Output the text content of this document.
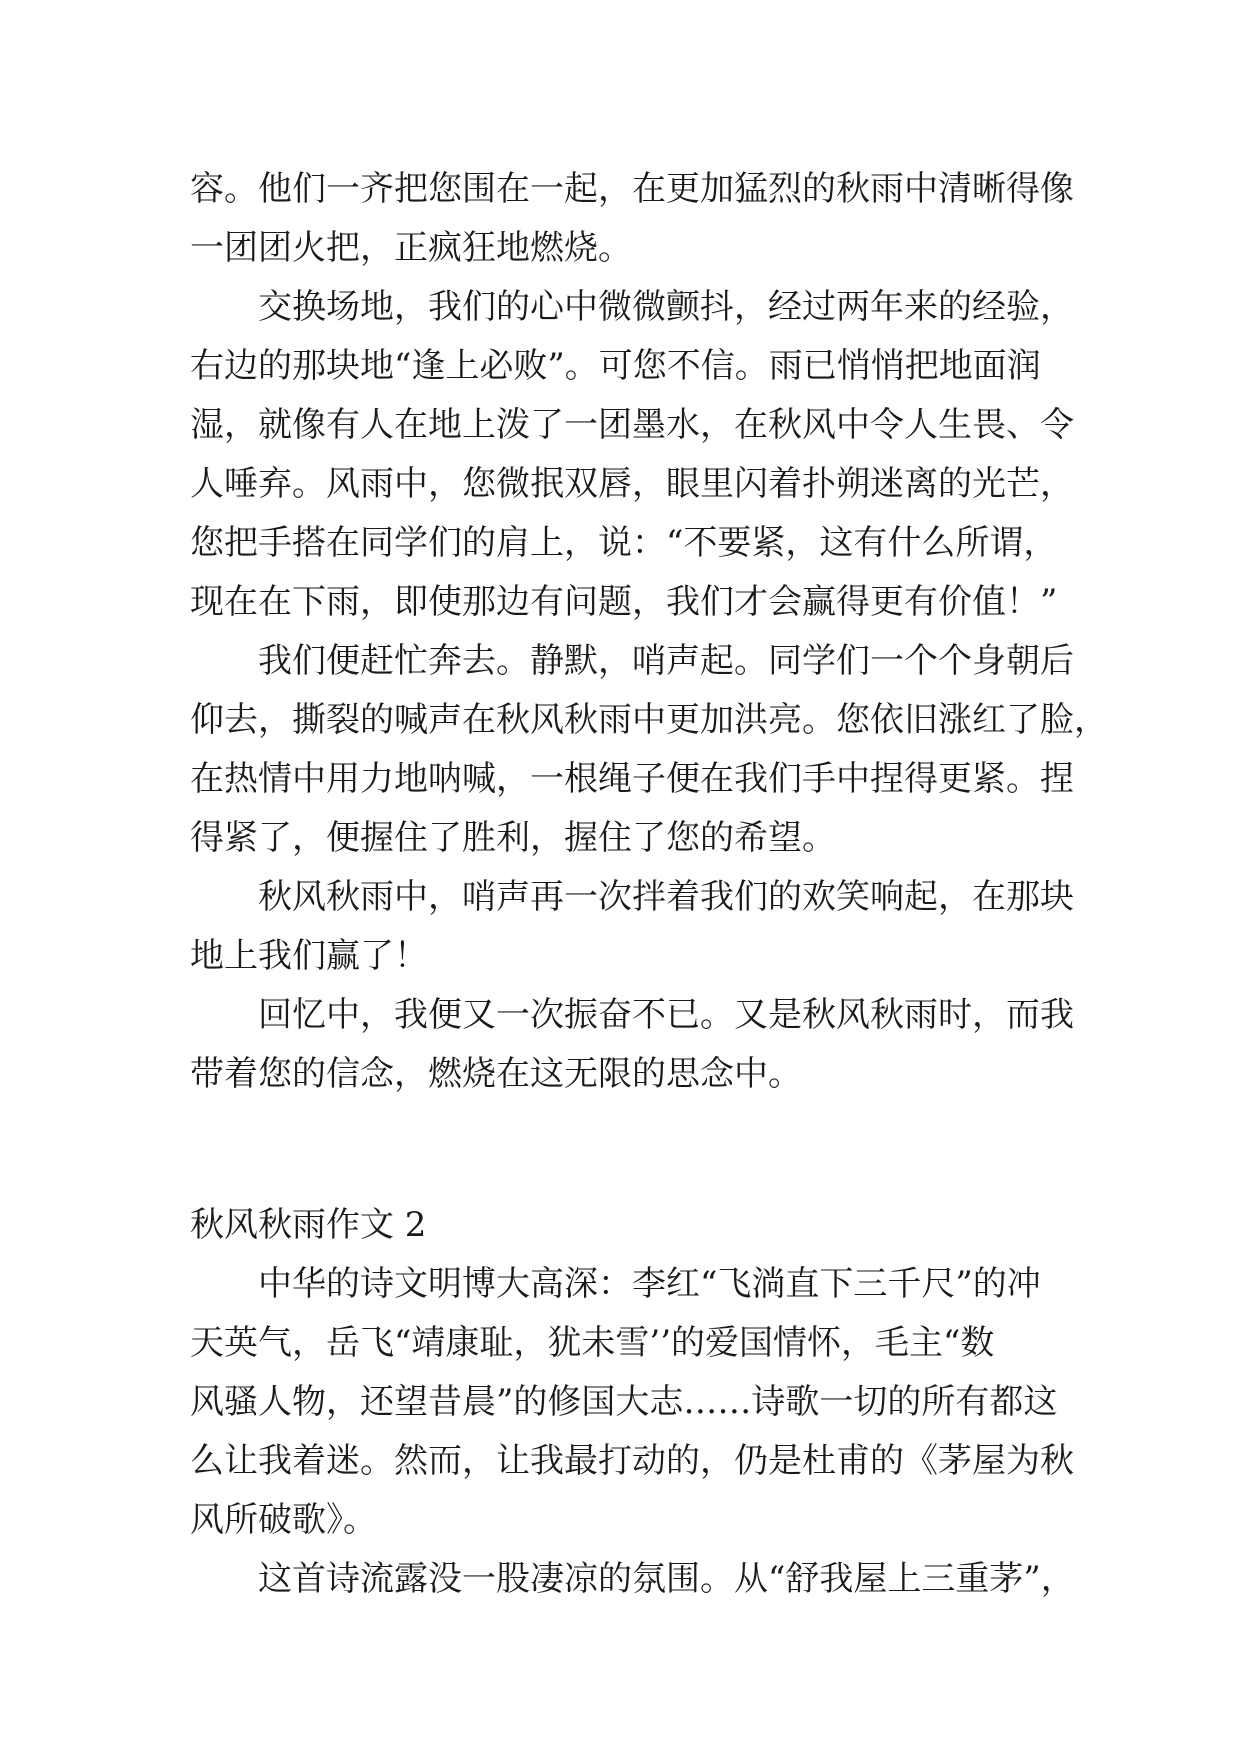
容。他们一齐把您围在一起，在更加猛烈的秋雨中清晰得像
一团团火把，正疯狂地燃烧。
交换场地，我们的心中微微颤抖，经过两年来的经验，
右边的那块地“逢上必败”。可您不信。雨已悄悄把地面润
湿，就像有人在地上泼了一团墨水，在秋风中令人生畏、令
人唾弃。风雨中，您微抿双唇，眼里闪着扑朔迷离的光芒，
您把手搭在同学们的肩上，说：“不要紧，这有什么所谓，
现在在下雨，即使那边有问题，我们才会赢得更有价值！”
我们便赶忙奔去。静默，哨声起。同学们一个个身朝后
仰去，撕裂的喊声在秋风秋雨中更加洪亮。您依旧涨红了脸，
在热情中用力地呐喊，一根绳子便在我们手中捏得更紧。捏
得紧了，便握住了胜利，握住了您的希望。
秋风秋雨中，哨声再一次拌着我们的欢笑响起，在那块
地上我们赢了！
回忆中，我便又一次振奋不已。又是秋风秋雨时，而我
带着您的信念，燃烧在这无限的思念中。
秋风秋雨作文 2
中华的诗文明博大高深：李红“飞淌直下三千尺”的冲
天英气，岳飞“靖康耻，犹未雪’’的爱国情怀，毛主“数
风骚人物，还望昔晨”的修国大志……诗歌一切的所有都这
么让我着迷。然而，让我最打动的，仍是杜甫的《茅屋为秋
风所破歌》。
这首诗流露没一股凄凉的氛围。从“舒我屋上三重茅”，
